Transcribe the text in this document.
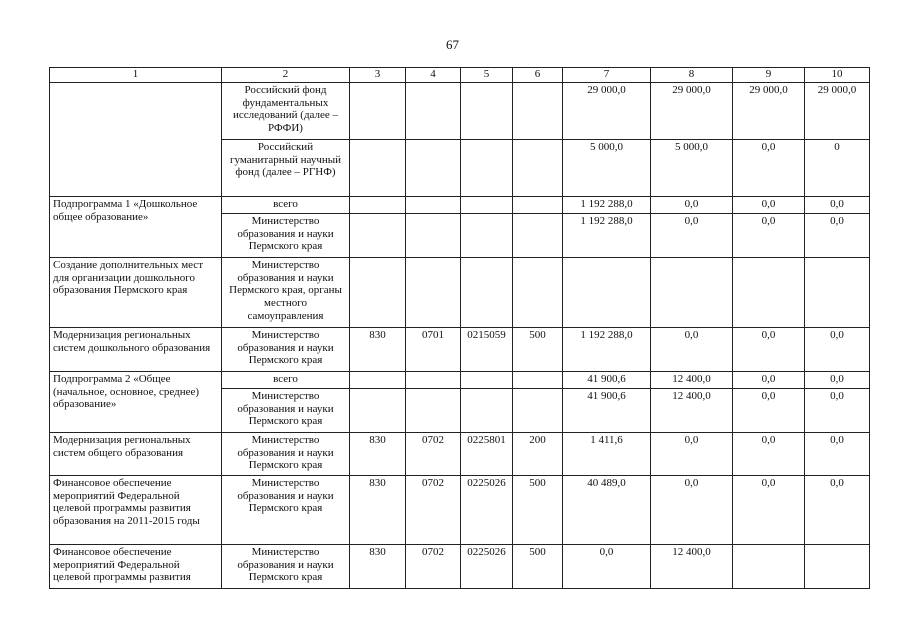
67
1	2	3	4	5	6	7	8	9	10
	Российский фонд фундаментальных исследований (далее – РФФИ)					29 000,0	29 000,0	29 000,0	29 000,0
	Российский гуманитарный научный фонд (далее – РГНФ)					5 000,0	5 000,0	0,0	0
Подпрограмма 1 «Дошкольное общее образование»	всего					1 192 288,0	0,0	0,0	0,0
	Министерство образования и науки Пермского края					1 192 288,0	0,0	0,0	0,0
Создание дополнительных мест для организации дошкольного образования Пермского края	Министерство образования и науки Пермского края, органы местного самоуправления								
Модернизация региональных систем дошкольного образования	Министерство образования и науки Пермского края	830	0701	0215059	500	1 192 288,0	0,0	0,0	0,0
Подпрограмма 2 «Общее (начальное, основное, среднее) образование»	всего					41 900,6	12 400,0	0,0	0,0
	Министерство образования и науки Пермского края					41 900,6	12 400,0	0,0	0,0
Модернизация региональных систем общего образования	Министерство образования и науки Пермского края	830	0702	0225801	200	1 411,6	0,0	0,0	0,0
Финансовое обеспечение мероприятий Федеральной целевой программы развития образования на 2011-2015 годы	Министерство образования и науки Пермского края	830	0702	0225026	500	40 489,0	0,0	0,0	0,0
Финансовое обеспечение мероприятий Федеральной целевой программы развития	Министерство образования и науки Пермского края	830	0702	0225026	500	0,0	12 400,0		
